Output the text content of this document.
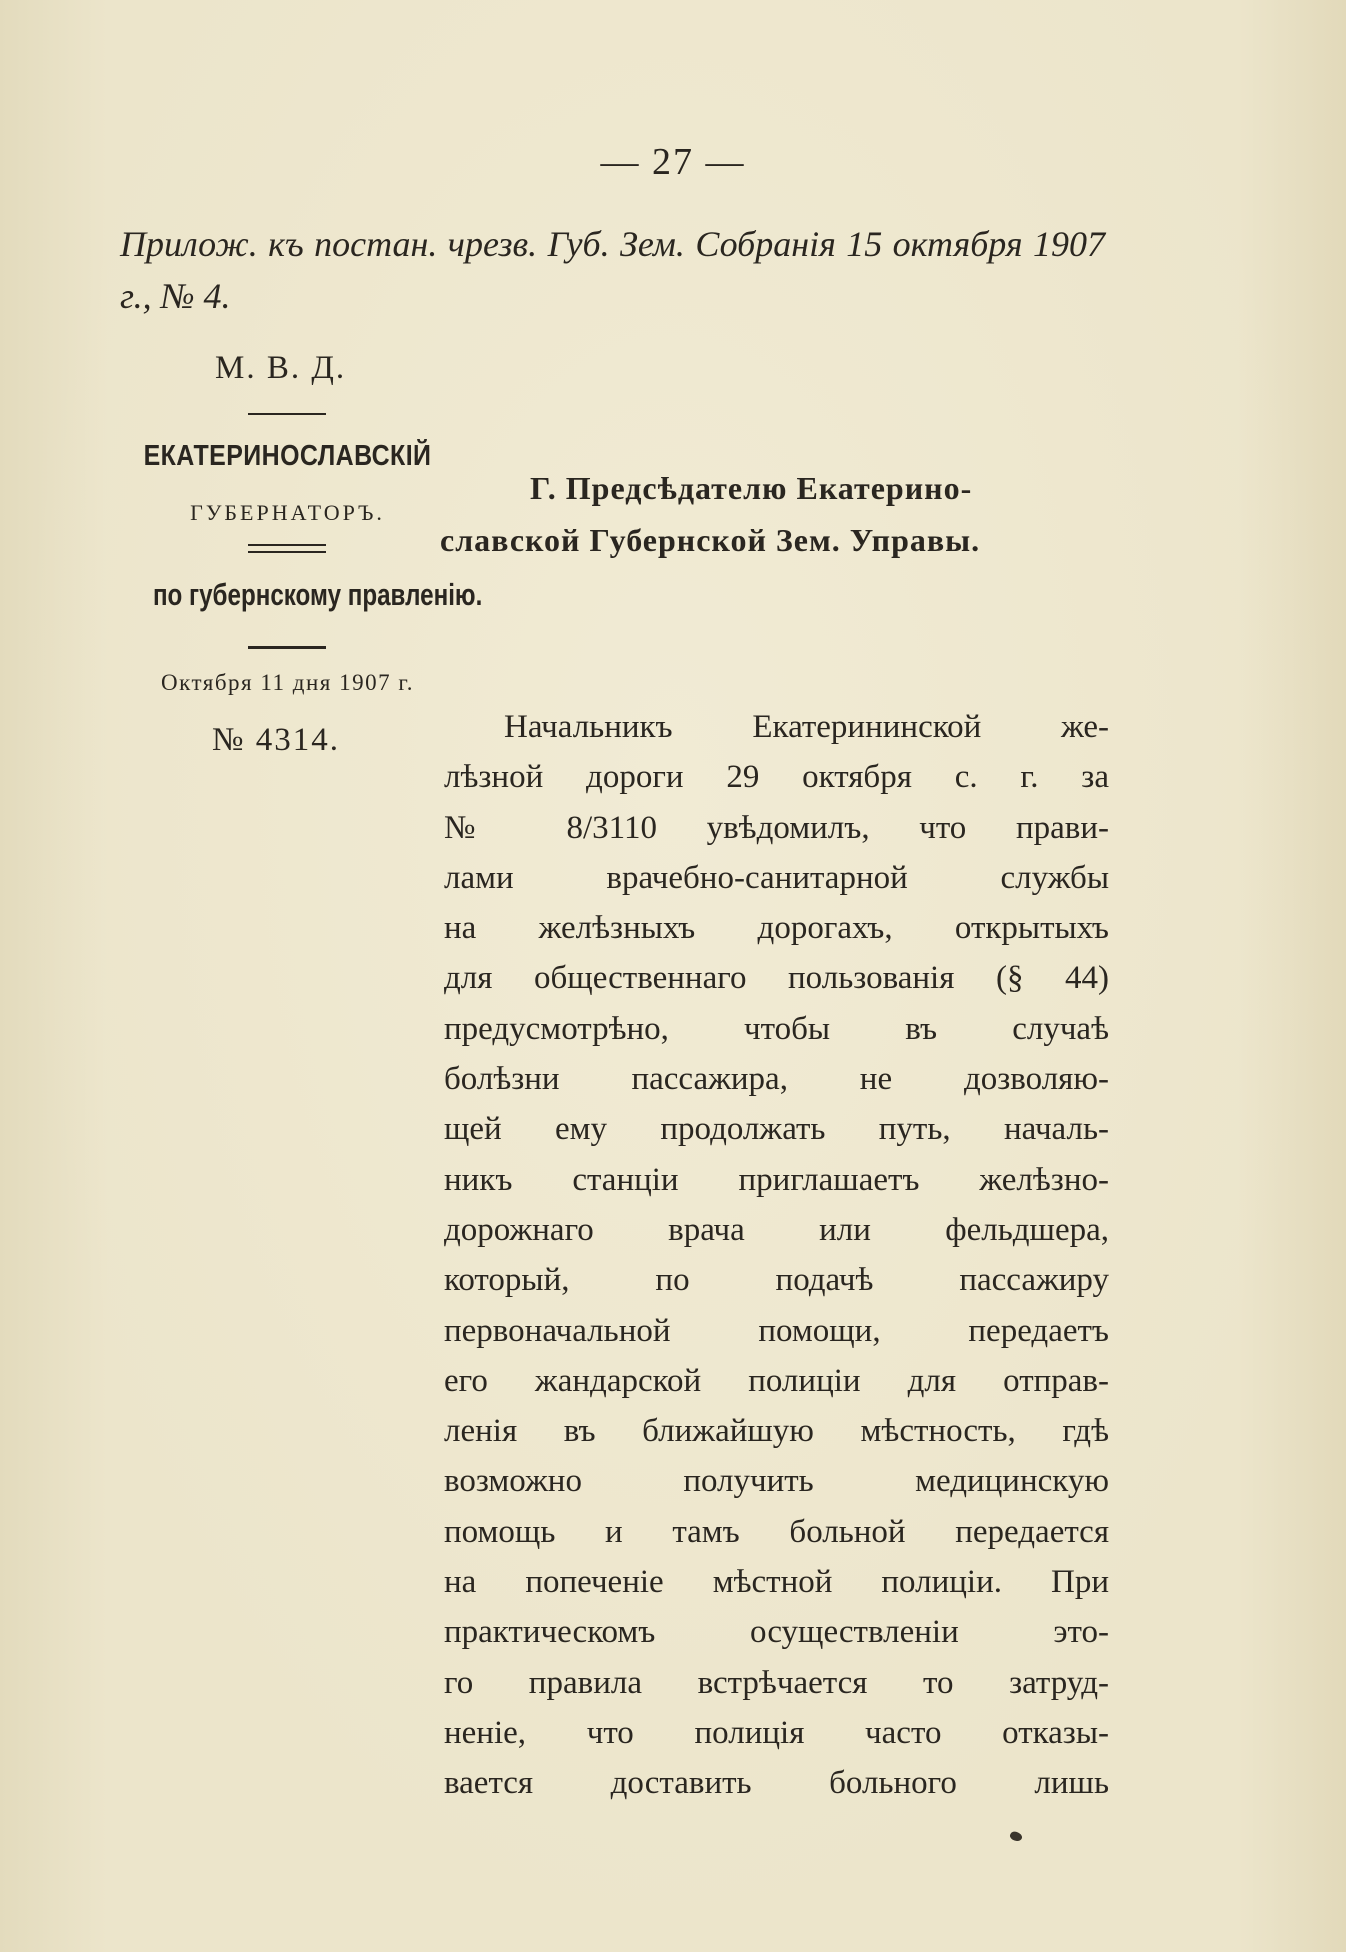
— 27 —
Прилож. къ постан. чрезв. Губ. Зем. Собранія 15 октября 1907 г., № 4.
М. В. Д.
ЕКАТЕРИНОСЛАВСКІЙ
ГУБЕРНАТОРЪ.
по губернскому правленію.
Октября 11 дня 1907 г.
№ 4314.
Г. Предсѣдателю Екатерино-
славской Губернской Зем. Управы.
Начальникъ Екатерининской же-
лѣзной дороги 29 октября с. г. за
№ 8/3110 увѣдомилъ, что прави-
лами врачебно-санитарной службы
на желѣзныхъ дорогахъ, открытыхъ
для общественнаго пользованія (§ 44)
предусмотрѣно, чтобы въ случаѣ
болѣзни пассажира, не дозволяю-
щей ему продолжать путь, началь-
никъ станціи приглашаетъ желѣзно-
дорожнаго врача или фельдшера,
который, по подачѣ пассажиру
первоначальной помощи, передаетъ
его жандарской полиціи для отправ-
ленія въ ближайшую мѣстность, гдѣ
возможно получить медицинскую
помощь и тамъ больной передается
на попеченіе мѣстной полиціи. При
практическомъ осуществленіи это-
го правила встрѣчается то затруд-
неніе, что полиція часто отказы-
вается доставить больного лишь
